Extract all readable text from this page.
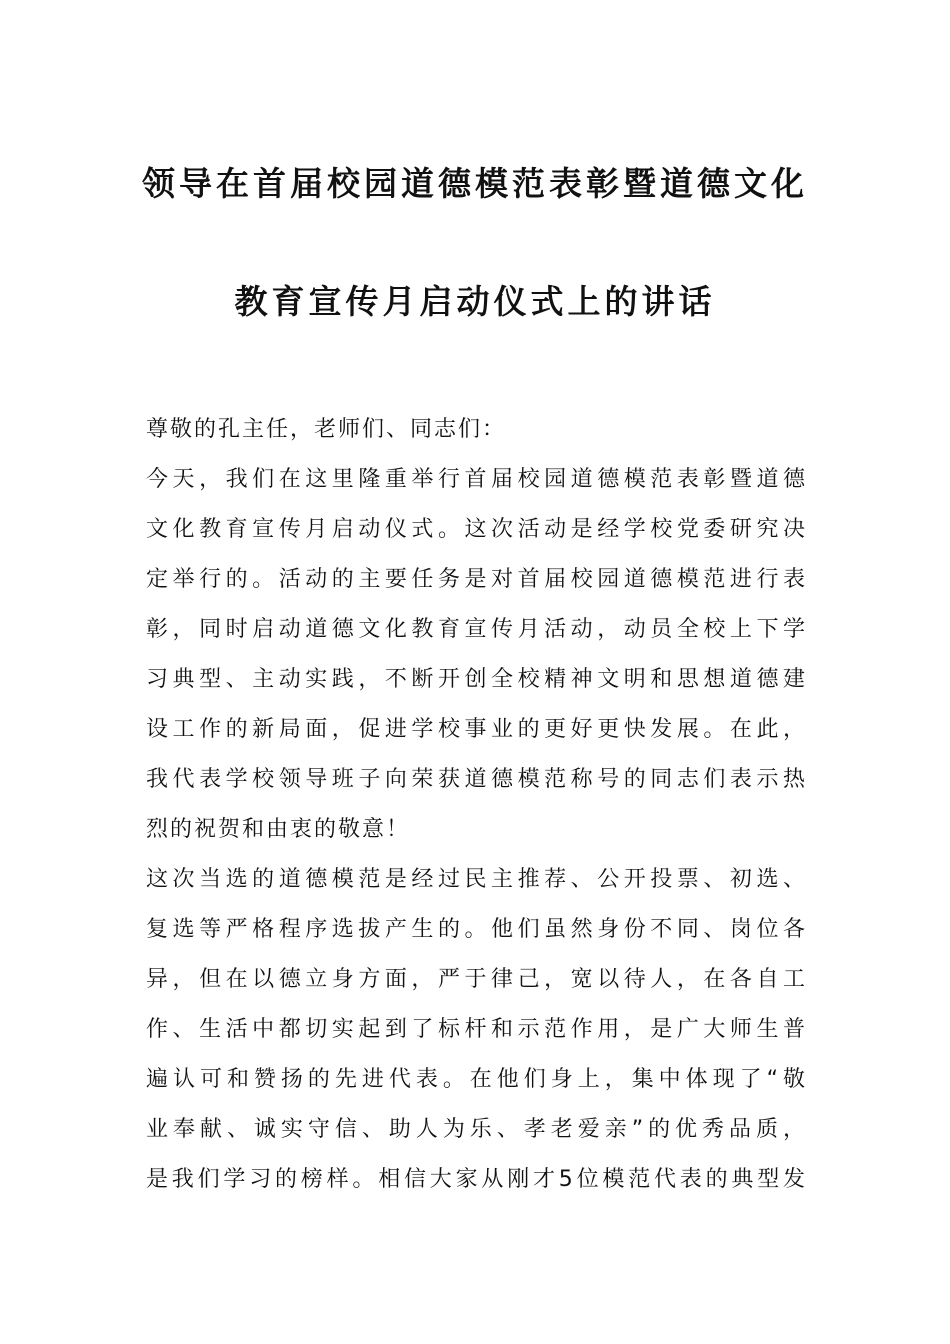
领导在首届校园道德模范表彰暨道德文化
教育宣传月启动仪式上的讲话
尊敬的孔主任，老师们、同志们：
今天，我们在这里隆重举行首届校园道德模范表彰暨道德
文化教育宣传月启动仪式。这次活动是经学校党委研究决
定举行的。活动的主要任务是对首届校园道德模范进行表
彰，同时启动道德文化教育宣传月活动，动员全校上下学
习典型、主动实践，不断开创全校精神文明和思想道德建
设工作的新局面，促进学校事业的更好更快发展。在此，
我代表学校领导班子向荣获道德模范称号的同志们表示热
烈的祝贺和由衷的敬意！
这次当选的道德模范是经过民主推荐、公开投票、初选、
复选等严格程序选拔产生的。他们虽然身份不同、岗位各
异，但在以德立身方面，严于律己，宽以待人，在各自工
作、生活中都切实起到了标杆和示范作用，是广大师生普
遍认可和赞扬的先进代表。在他们身上，集中体现了“敬
业奉献、诚实守信、助人为乐、孝老爱亲”的优秀品质，
是我们学习的榜样。相信大家从刚才5位模范代表的典型发
